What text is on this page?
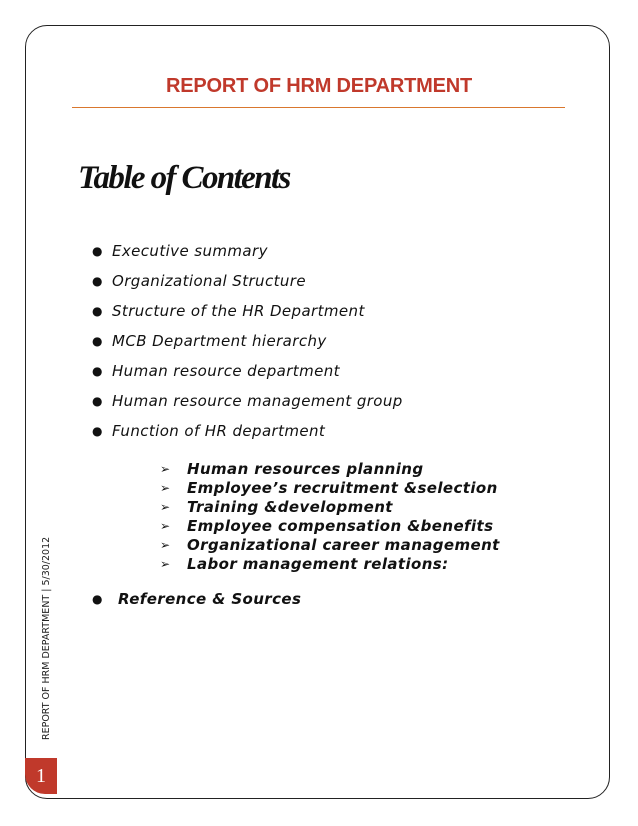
REPORT OF HRM DEPARTMENT
Table of Contents
● Executive summary
● Organizational Structure
● Structure of the HR Department
● MCB Department hierarchy
● Human resource department
● Human resource management group
● Function of HR department
➢	Human resources planning
➢	Employee’s recruitment &selection
➢	Training &development
➢	Employee compensation &benefits
➢	Organizational career management
➢	Labor management relations:
●	Reference & Sources
REPORT OF HRM DEPARTMENT | 5/30/2012
1
